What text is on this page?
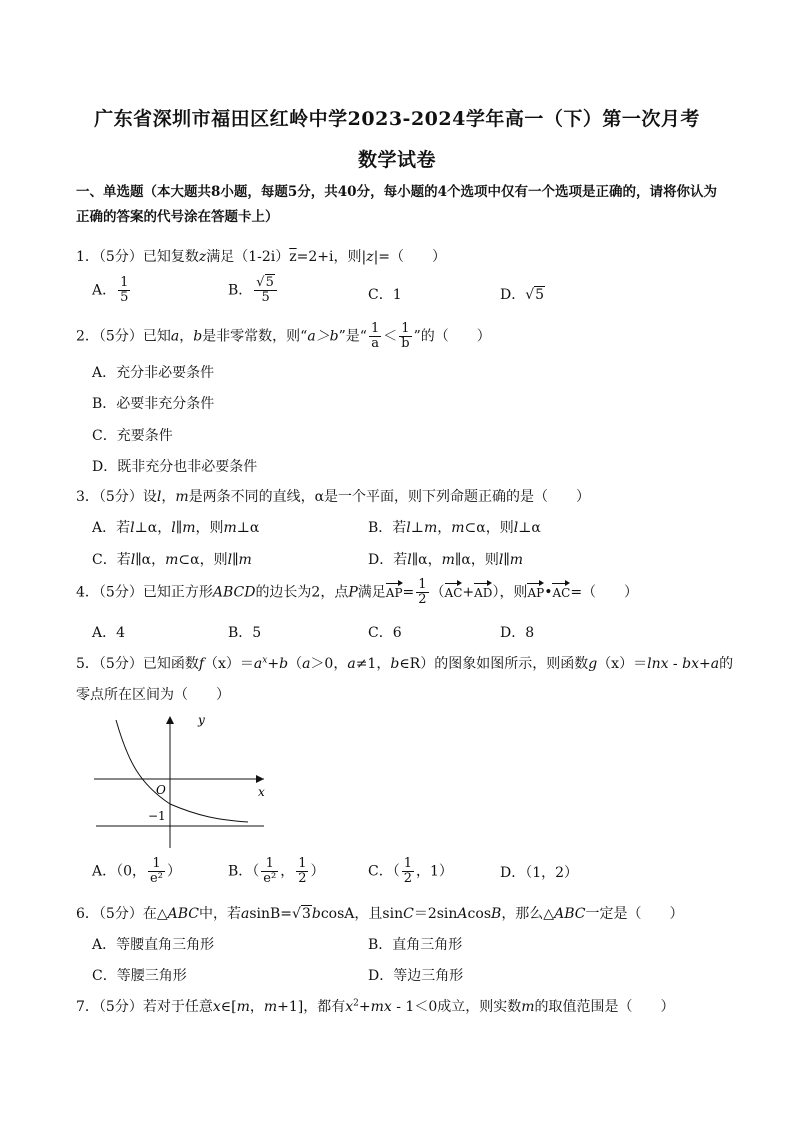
广东省深圳市福田区红岭中学2023-2024学年高一（下）第一次月考
数学试卷
一、单选题（本大题共8小题，每题5分，共40分，每小题的4个选项中仅有一个选项是正确的，请将你认为正确的答案的代号涂在答题卡上）
1．（5分）已知复数z满足$(1-2i)\overline{z}=2+i$，则|z|=（　　）
A． $\frac{1}{5}$	B． $\frac{√5}{5}$	C．1	D．√5
2．（5分）已知a，b是非零常数，则“a＞b”是“ $\frac{1}{a} < \frac{1}{b}$ ”的（　　）
A．充分非必要条件
B．必要非充分条件
C．充要条件
D．既非充分也非必要条件
3．（5分）设l，m是两条不同的直线，α是一个平面，则下列命题正确的是（　　）
A．若l⊥α，l∥m，则m⊥α	B．若l⊥m，m⊂α，则l⊥α
C．若l∥α，m⊂α，则l∥m	D．若l∥α，m∥α，则l∥m
4．（5分）已知正方形ABCD的边长为2，点P满足$AP= \frac{1}{2} (AC+AD)$，则AP•AC=（　　）
A．4	B．5	C．6	D．8
5．（5分）已知函数$f(x)=a^x+b(a>0$，a≠1，b∈R）的图象如图所示，则函数g（x）＝lnx - bx+a的
零点所在区间为（　　）
y
x
O
−1
A．（0， $\frac{1}{\text{e²}}$ ）	B．（ $\frac{1}{\text{e²}}$ ， $\frac{1}{2}$ ）	C．（ $\frac{1}{2}$ ，1）	D．（1，2）
6．（5分）在△ABC中，若asinB=√3bcosA，且sinC＝2sinAcosB，那么△ABC一定是（　　）
A．等腰直角三角形	B．直角三角形
C．等腰三角形	D．等边三角形
7．（5分）若对于任意x∈[m，m+1]，都有$x^2+mx - 1<0$成立，则实数m的取值范围是（　　）
